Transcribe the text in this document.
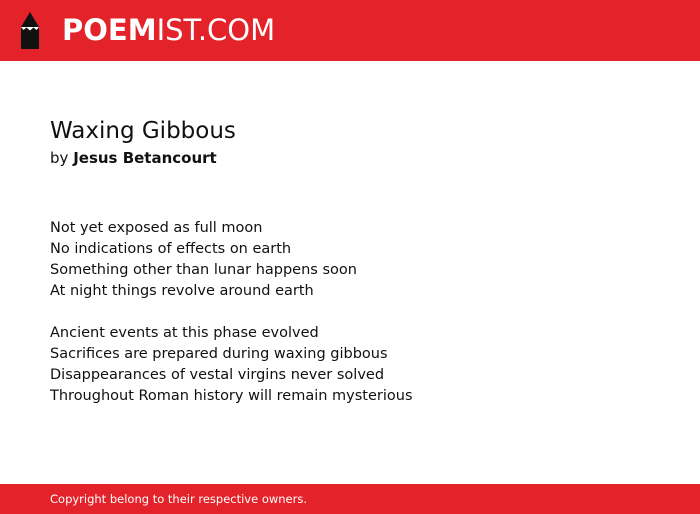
POEMIST.COM
Waxing Gibbous
by Jesus Betancourt
Not yet exposed as full moon
No indications of effects on earth
Something other than lunar happens soon
At night things revolve around earth
Ancient events at this phase evolved
Sacrifices are prepared during waxing gibbous
Disappearances of vestal virgins never solved
Throughout Roman history will remain mysterious
Copyright belong to their respective owners.
